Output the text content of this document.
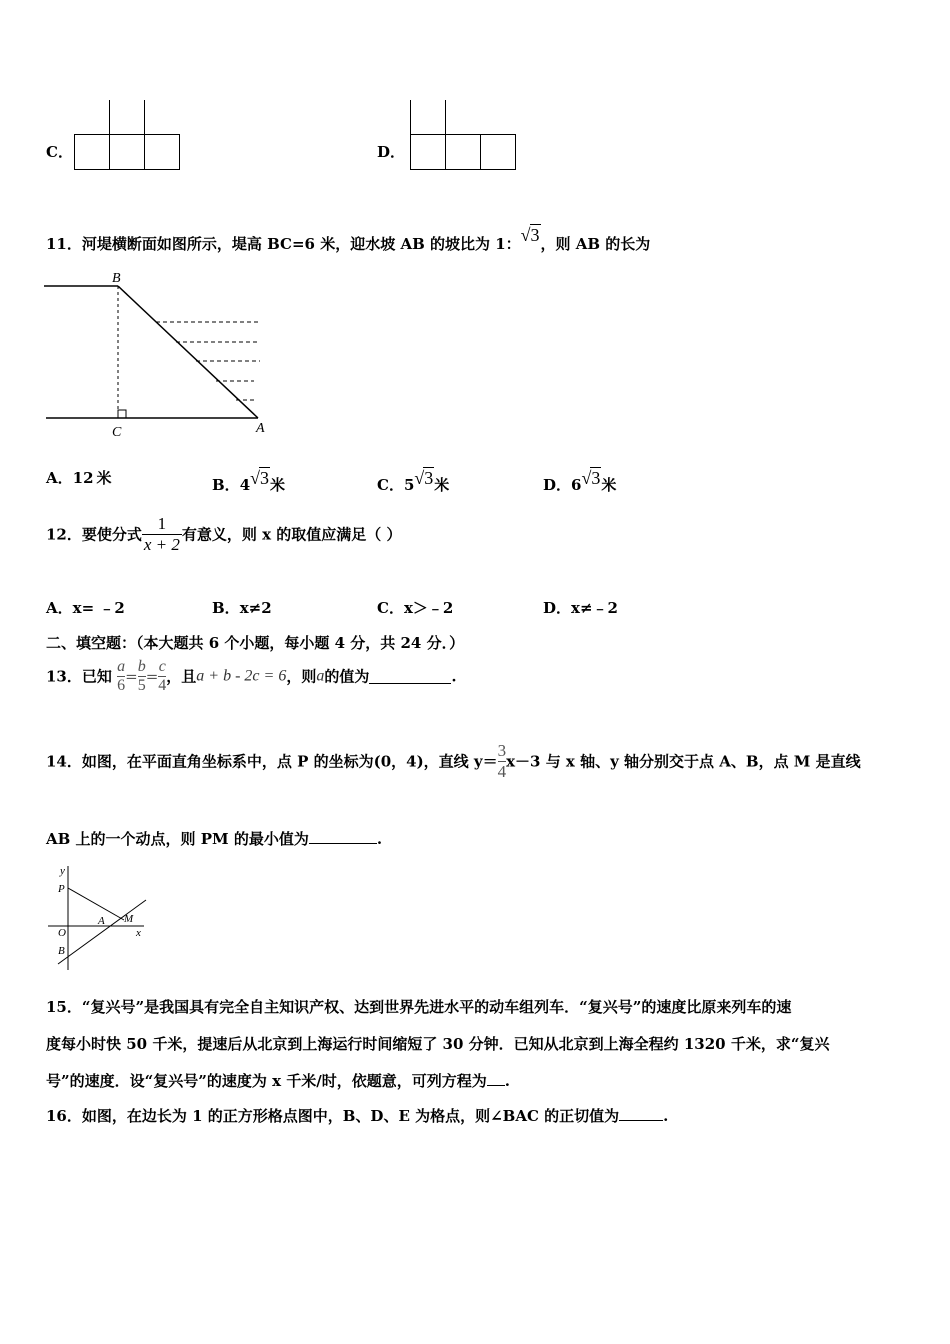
C．	D．
11．河堤横断面如图所示，堤高 BC=6 米，迎水坡 AB 的坡比为 1：√3，则 AB 的长为
B
C	A
A．12 米	B．4√3米	C．5√3米	D．6√3米
12．要使分式 $\frac{1}{x + 2}$ 有意义，则 x 的取值应满足（ ）
A．x= ﹣2	B．x≠2	C．x＞﹣2	D．x≠﹣2
二、填空题：（本大题共 6 个小题，每小题 4 分，共 24 分．）
13．已知 $\frac{a}{6} = \frac{b}{5} = \frac{c}{4}$ ，且a + b - 2c = 6，则a的值为	.
14．如图，在平面直角坐标系中，点 P 的坐标为(0，4)，直线 $y= \frac{3}{4} x-3$ 与 x 轴、y 轴分别交于点 A、B，点 M 是直线
AB 上的一个动点，则 PM 的最小值为	.
y
x
P
O
B
A M
15．“复兴号”是我国具有完全自主知识产权、达到世界先进水平的动车组列车．“复兴号”的速度比原来列车的速
度每小时快 50 千米，提速后从北京到上海运行时间缩短了 30 分钟．已知从北京到上海全程约 1320 千米，求“复兴
号”的速度．设“复兴号”的速度为 x 千米/时，依题意，可列方程为 .
16．如图，在边长为 1 的正方形格点图中，B、D、E 为格点，则∠BAC 的正切值为	.
